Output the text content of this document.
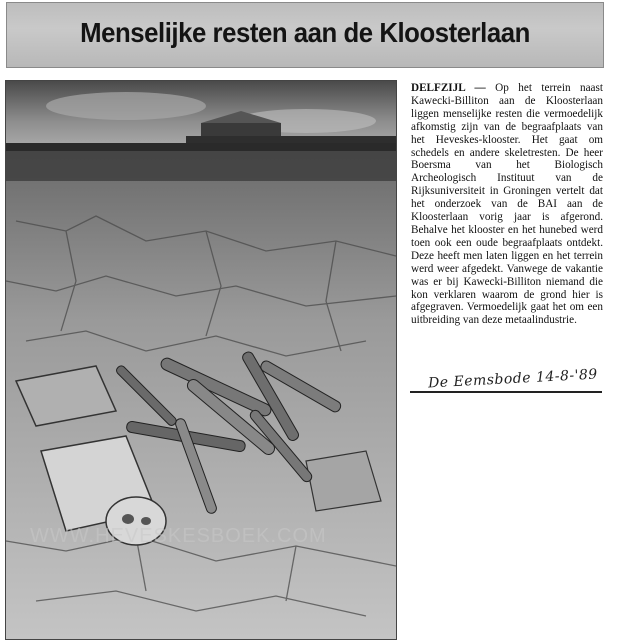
Menselijke resten aan de Kloosterlaan

DELFZIJL — Op het terrein naast Kawecki-Billiton aan de Kloosterlaan liggen menselijke resten die vermoedelijk afkomstig zijn van de begraafplaats van het Heveskes-klooster. Het gaat om schedels en andere skeletresten. De heer Boersma van het Biologisch Archeologisch Instituut van de Rijksuniversiteit in Groningen vertelt dat het onderzoek van de BAI aan de Kloosterlaan vorig jaar is afgerond. Behalve het klooster en het hunebed werd toen ook een oude begraafplaats ontdekt. Deze heeft men laten liggen en het terrein werd weer afgedekt. Vanwege de vakantie was er bij Kawecki-Billiton niemand die kon verklaren waarom de grond hier is afgegraven. Vermoedelijk gaat het om een uitbreiding van deze metaalindustrie.

De Eemsbode 14-8-'89
WWW.HEVESKESBOEK.COM
